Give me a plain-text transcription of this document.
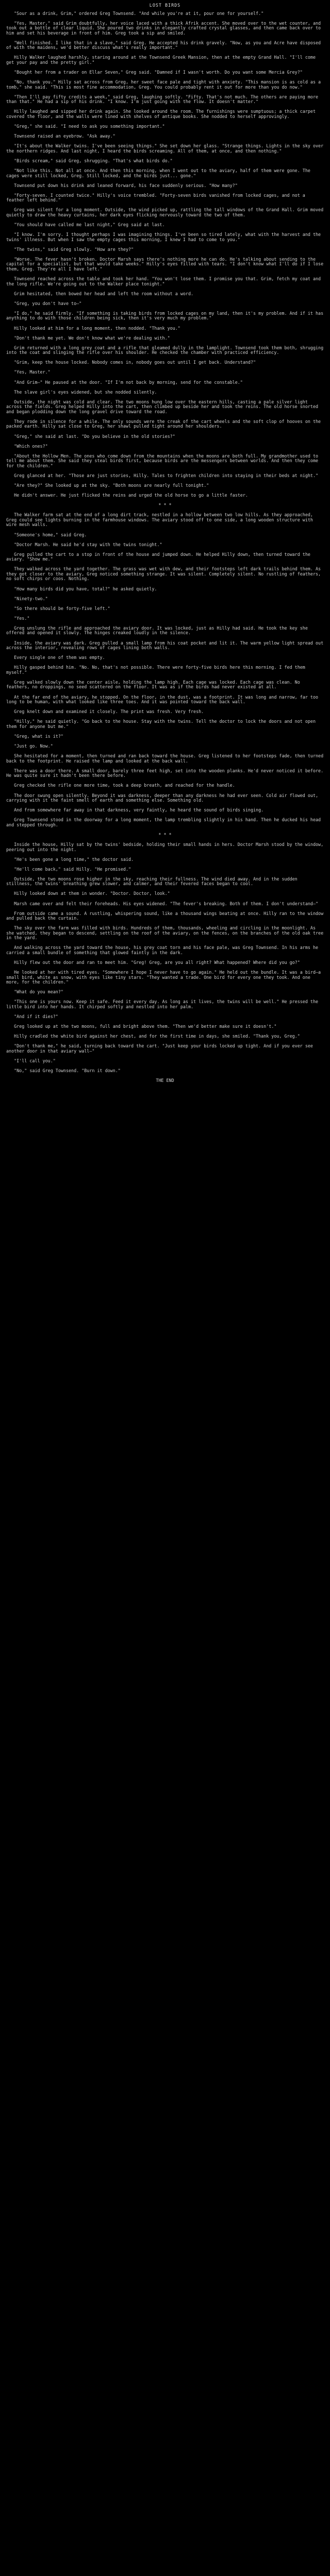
LOST BIRDS

"Sour as a drink, Grim," ordered Greg Townsend. "And while you're at it, pour one for yourself."

"Yes, Master," said Grim doubtfully, her voice laced with a thick Afrik accent. She moved over to the wet counter, and took out a bottle of clear liquid. She poured two drinks in elegantly crafted crystal glasses, and then came back over to him and set his beverage in front of him. Greg took a sip and smiled.

"Well finished. I like that in a slave," said Greg. He accepted his drink gravely. "Now, as you and Acre have disposed of with the maidens, we'd better discuss what's really important."

Hilly Walker laughed harshly, staring around at the Townsend Greek Mansion, then at the empty Grand Hall. "I'll come get your pay and the pretty girl."

"Bought her from a trader on Ellar Seven," Greg said. "Damned if I wasn't worth. Do you want some Mercia Grey?"

"No, thank you." Hilly sat across from Greg, her sweet face pale and tight with anxiety. "This mansion is as cold as a tomb," she said. "This is most fine accommodation, Greg. You could probably rent it out for more than you do now."

"Then I'll pay fifty credits a week," said Greg, laughing softly. "Fifty. That's not much. The others are paying more than that." He had a sip of his drink. "I know. I'm just going with the flow. It doesn't matter."

Hilly laughed and sipped her drink again. She looked around the room. The furnishings were sumptuous; a thick carpet covered the floor, and the walls were lined with shelves of antique books. She nodded to herself approvingly.

"Greg," she said. "I need to ask you something important."

Townsend raised an eyebrow. "Ask away."

"It's about the Walker twins. I've been seeing things." She set down her glass. "Strange things. Lights in the sky over the northern ridges. And last night, I heard the birds screaming. All of them, at once, and then nothing."

"Birds scream," said Greg, shrugging. "That's what birds do."

"Not like this. Not all at once. And then this morning, when I went out to the aviary, half of them were gone. The cages were still locked, Greg. Still locked, and the birds just... gone."

Townsend put down his drink and leaned forward, his face suddenly serious. "How many?"

"Forty-seven. I counted twice." Hilly's voice trembled. "Forty-seven birds vanished from locked cages, and not a feather left behind."

Greg was silent for a long moment. Outside, the wind picked up, rattling the tall windows of the Grand Hall. Grim moved quietly to draw the heavy curtains, her dark eyes flicking nervously toward the two of them.

"You should have called me last night," Greg said at last.

"I know. I'm sorry. I thought perhaps I was imagining things. I've been so tired lately, what with the harvest and the twins' illness. But when I saw the empty cages this morning, I knew I had to come to you."

"The twins," said Greg slowly. "How are they?"

"Worse. The fever hasn't broken. Doctor Marsh says there's nothing more he can do. He's talking about sending to the capital for a specialist, but that would take weeks." Hilly's eyes filled with tears. "I don't know what I'll do if I lose them, Greg. They're all I have left."

Townsend reached across the table and took her hand. "You won't lose them. I promise you that. Grim, fetch my coat and the long rifle. We're going out to the Walker place tonight."

Grim hesitated, then bowed her head and left the room without a word.

"Greg, you don't have to—"

"I do," he said firmly. "If something is taking birds from locked cages on my land, then it's my problem. And if it has anything to do with those children being sick, then it's very much my problem."

Hilly looked at him for a long moment, then nodded. "Thank you."

"Don't thank me yet. We don't know what we're dealing with."

Grim returned with a long grey coat and a rifle that gleamed dully in the lamplight. Townsend took them both, shrugging into the coat and slinging the rifle over his shoulder. He checked the chamber with practiced efficiency.

"Grim, keep the house locked. Nobody comes in, nobody goes out until I get back. Understand?"

"Yes, Master."

"And Grim—" He paused at the door. "If I'm not back by morning, send for the constable."

The slave girl's eyes widened, but she nodded silently.

Outside, the night was cold and clear. The two moons hung low over the eastern hills, casting a pale silver light across the fields. Greg helped Hilly into the cart, then climbed up beside her and took the reins. The old horse snorted and began plodding down the long gravel drive toward the road.

They rode in silence for a while. The only sounds were the creak of the cart wheels and the soft clop of hooves on the packed earth. Hilly sat close to Greg, her shawl pulled tight around her shoulders.

"Greg," she said at last. "Do you believe in the old stories?"

"Which ones?"

"About the Hollow Men. The ones who come down from the mountains when the moons are both full. My grandmother used to tell me about them. She said they steal birds first, because birds are the messengers between worlds. And then they come for the children."

Greg glanced at her. "Those are just stories, Hilly. Tales to frighten children into staying in their beds at night."

"Are they?" She looked up at the sky. "Both moons are nearly full tonight."

He didn't answer. He just flicked the reins and urged the old horse to go a little faster.

* * *

The Walker farm sat at the end of a long dirt track, nestled in a hollow between two low hills. As they approached, Greg could see lights burning in the farmhouse windows. The aviary stood off to one side, a long wooden structure with wire mesh walls.

"Someone's home," said Greg.

"Doctor Marsh. He said he'd stay with the twins tonight."

Greg pulled the cart to a stop in front of the house and jumped down. He helped Hilly down, then turned toward the aviary. "Show me."

They walked across the yard together. The grass was wet with dew, and their footsteps left dark trails behind them. As they got closer to the aviary, Greg noticed something strange. It was silent. Completely silent. No rustling of feathers, no soft chirps or coos. Nothing.

"How many birds did you have, total?" he asked quietly.

"Ninety-two."

"So there should be forty-five left."

"Yes."

Greg unslung the rifle and approached the aviary door. It was locked, just as Hilly had said. He took the key she offered and opened it slowly. The hinges creaked loudly in the silence.

Inside, the aviary was dark. Greg pulled a small lamp from his coat pocket and lit it. The warm yellow light spread out across the interior, revealing rows of cages lining both walls.

Every single one of them was empty.

Hilly gasped behind him. "No. No, that's not possible. There were forty-five birds here this morning. I fed them myself."

Greg walked slowly down the center aisle, holding the lamp high. Each cage was locked. Each cage was clean. No feathers, no droppings, no seed scattered on the floor. It was as if the birds had never existed at all.

At the far end of the aviary, he stopped. On the floor, in the dust, was a footprint. It was long and narrow, far too long to be human, with what looked like three toes. And it was pointed toward the back wall.

Greg knelt down and examined it closely. The print was fresh. Very fresh.

"Hilly," he said quietly. "Go back to the house. Stay with the twins. Tell the doctor to lock the doors and not open them for anyone but me."

"Greg, what is it?"

"Just go. Now."

She hesitated for a moment, then turned and ran back toward the house. Greg listened to her footsteps fade, then turned back to the footprint. He raised the lamp and looked at the back wall.

There was a door there. A small door, barely three feet high, set into the wooden planks. He'd never noticed it before. He was quite sure it hadn't been there before.

Greg checked the rifle one more time, took a deep breath, and reached for the handle.

The door swung open silently. Beyond it was darkness, deeper than any darkness he had ever seen. Cold air flowed out, carrying with it the faint smell of earth and something else. Something old.

And from somewhere far away in that darkness, very faintly, he heard the sound of birds singing.

Greg Townsend stood in the doorway for a long moment, the lamp trembling slightly in his hand. Then he ducked his head and stepped through.

* * *

Inside the house, Hilly sat by the twins' bedside, holding their small hands in hers. Doctor Marsh stood by the window, peering out into the night.

"He's been gone a long time," the doctor said.

"He'll come back," said Hilly. "He promised."

Outside, the two moons rose higher in the sky, reaching their fullness. The wind died away. And in the sudden stillness, the twins' breathing grew slower, and calmer, and their fevered faces began to cool.

Hilly looked down at them in wonder. "Doctor. Doctor, look."

Marsh came over and felt their foreheads. His eyes widened. "The fever's breaking. Both of them. I don't understand—"

From outside came a sound. A rustling, whispering sound, like a thousand wings beating at once. Hilly ran to the window and pulled back the curtain.

The sky over the farm was filled with birds. Hundreds of them, thousands, wheeling and circling in the moonlight. As she watched, they began to descend, settling on the roof of the aviary, on the fences, on the branches of the old oak tree in the yard.

And walking across the yard toward the house, his grey coat torn and his face pale, was Greg Townsend. In his arms he carried a small bundle of something that glowed faintly in the dark.

Hilly flew out the door and ran to meet him. "Greg! Greg, are you all right? What happened? Where did you go?"

He looked at her with tired eyes. "Somewhere I hope I never have to go again." He held out the bundle. It was a bird—a small bird, white as snow, with eyes like tiny stars. "They wanted a trade. One bird for every one they took. And one more, for the children."

"What do you mean?"

"This one is yours now. Keep it safe. Feed it every day. As long as it lives, the twins will be well." He pressed the little bird into her hands. It chirped softly and nestled into her palm.

"And if it dies?"

Greg looked up at the two moons, full and bright above them. "Then we'd better make sure it doesn't."

Hilly cradled the white bird against her chest, and for the first time in days, she smiled. "Thank you, Greg."

"Don't thank me," he said, turning back toward the cart. "Just keep your birds locked up tight. And if you ever see another door in that aviary wall—"

"I'll call you."

"No," said Greg Townsend. "Burn it down."

THE END
